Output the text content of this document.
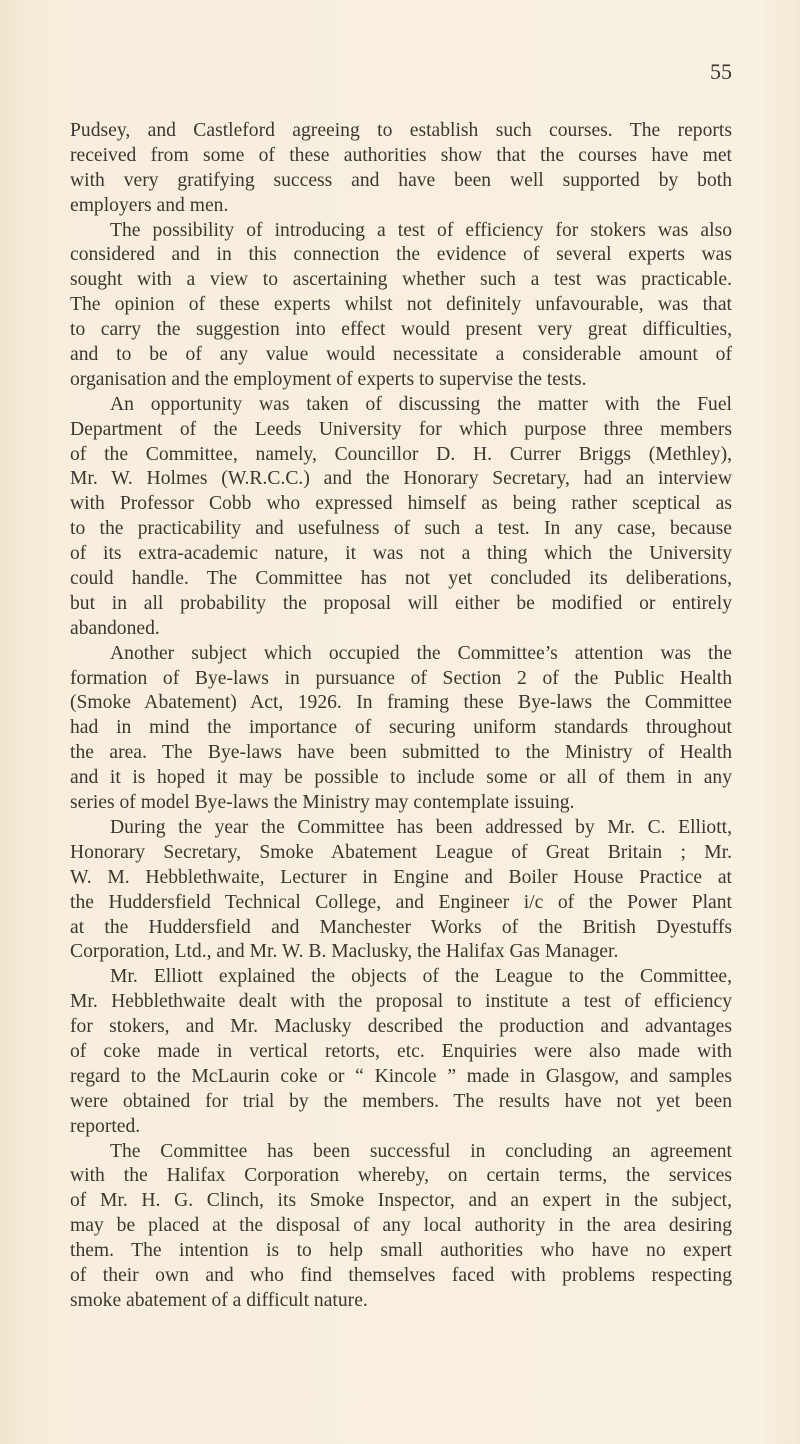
55

Pudsey, and Castleford agreeing to establish such courses. The reports
received from some of these authorities show that the courses have met
with very gratifying success and have been well supported by both
employers and men.

The possibility of introducing a test of efficiency for stokers was also
considered and in this connection the evidence of several experts was
sought with a view to ascertaining whether such a test was practicable.
The opinion of these experts whilst not definitely unfavourable, was that
to carry the suggestion into effect would present very great difficulties,
and to be of any value would necessitate a considerable amount of
organisation and the employment of experts to supervise the tests.

An opportunity was taken of discussing the matter with the Fuel
Department of the Leeds University for which purpose three members
of the Committee, namely, Councillor D. H. Currer Briggs (Methley),
Mr. W. Holmes (W.R.C.C.) and the Honorary Secretary, had an interview
with Professor Cobb who expressed himself as being rather sceptical as
to the practicability and usefulness of such a test. In any case, because
of its extra-academic nature, it was not a thing which the University
could handle. The Committee has not yet concluded its deliberations,
but in all probability the proposal will either be modified or entirely
abandoned.

Another subject which occupied the Committee’s attention was the
formation of Bye-laws in pursuance of Section 2 of the Public Health
(Smoke Abatement) Act, 1926. In framing these Bye-laws the Committee
had in mind the importance of securing uniform standards throughout
the area. The Bye-laws have been submitted to the Ministry of Health
and it is hoped it may be possible to include some or all of them in any
series of model Bye-laws the Ministry may contemplate issuing.

During the year the Committee has been addressed by Mr. C. Elliott,
Honorary Secretary, Smoke Abatement League of Great Britain ; Mr.
W. M. Hebblethwaite, Lecturer in Engine and Boiler House Practice at
the Huddersfield Technical College, and Engineer i/c of the Power Plant
at the Huddersfield and Manchester Works of the British Dyestuffs
Corporation, Ltd., and Mr. W. B. Maclusky, the Halifax Gas Manager.

Mr. Elliott explained the objects of the League to the Committee,
Mr. Hebblethwaite dealt with the proposal to institute a test of efficiency
for stokers, and Mr. Maclusky described the production and advantages
of coke made in vertical retorts, etc. Enquiries were also made with
regard to the McLaurin coke or “ Kincole ” made in Glasgow, and samples
were obtained for trial by the members. The results have not yet been
reported.

The Committee has been successful in concluding an agreement
with the Halifax Corporation whereby, on certain terms, the services
of Mr. H. G. Clinch, its Smoke Inspector, and an expert in the subject,
may be placed at the disposal of any local authority in the area desiring
them. The intention is to help small authorities who have no expert
of their own and who find themselves faced with problems respecting
smoke abatement of a difficult nature.
